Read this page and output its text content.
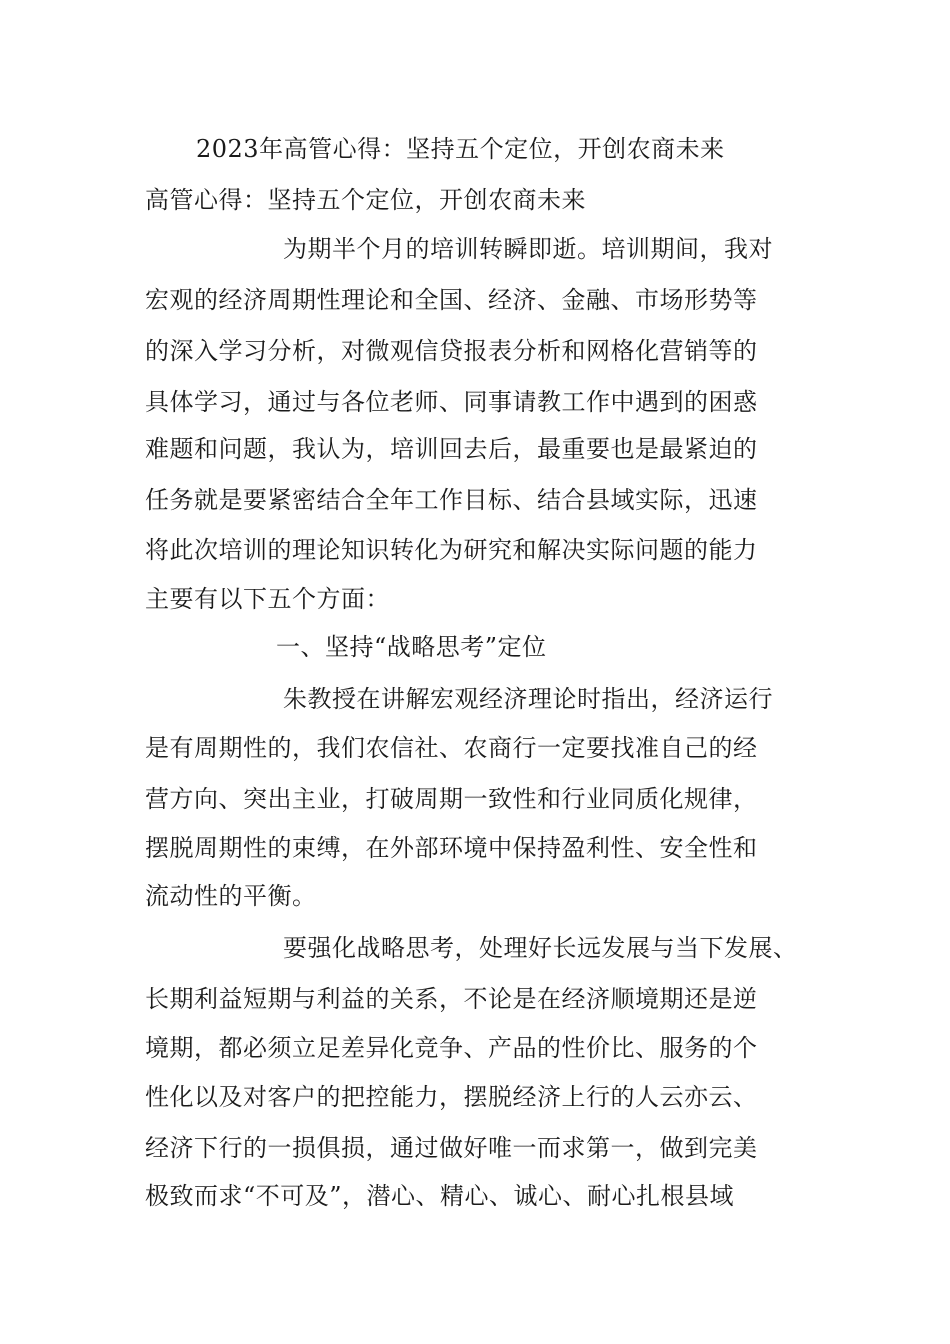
2023年高管心得：坚持五个定位，开创农商未来
高管心得：坚持五个定位，开创农商未来
为期半个月的培训转瞬即逝。培训期间，我对
宏观的经济周期性理论和全国、经济、金融、市场形势等
的深入学习分析，对微观信贷报表分析和网格化营销等的
具体学习，通过与各位老师、同事请教工作中遇到的困惑
难题和问题，我认为，培训回去后，最重要也是最紧迫的
任务就是要紧密结合全年工作目标、结合县域实际，迅速
将此次培训的理论知识转化为研究和解决实际问题的能力
主要有以下五个方面：
一、坚持“战略思考”定位
朱教授在讲解宏观经济理论时指出，经济运行
是有周期性的，我们农信社、农商行一定要找准自己的经
营方向、突出主业，打破周期一致性和行业同质化规律，
摆脱周期性的束缚，在外部环境中保持盈利性、安全性和
流动性的平衡。
要强化战略思考，处理好长远发展与当下发展、
长期利益短期与利益的关系，不论是在经济顺境期还是逆
境期，都必须立足差异化竞争、产品的性价比、服务的个
性化以及对客户的把控能力，摆脱经济上行的人云亦云、
经济下行的一损俱损，通过做好唯一而求第一，做到完美
极致而求“不可及”，潜心、精心、诚心、耐心扎根县域
